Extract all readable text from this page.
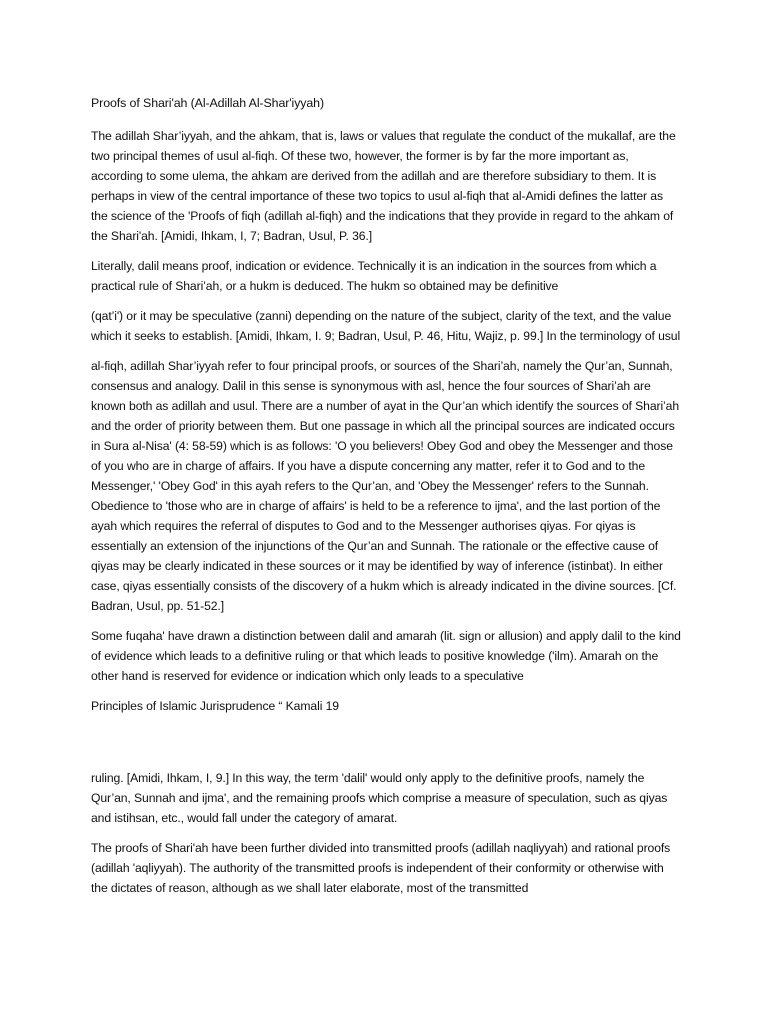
Proofs of Shari'ah (Al-Adillah Al-Shar'iyyah)

The adillah Shar’iyyah, and the ahkam, that is, laws or values that regulate the conduct of the mukallaf, are the two principal themes of usul al-fiqh. Of these two, however, the former is by far the more important as, according to some ulema, the ahkam are derived from the adillah and are therefore subsidiary to them. It is perhaps in view of the central importance of these two topics to usul al-fiqh that al-Amidi defines the latter as the science of the 'Proofs of fiqh (adillah al-fiqh) and the indications that they provide in regard to the ahkam of the Shari'ah. [Amidi, Ihkam, I, 7; Badran, Usul, P. 36.]

Literally, dalil means proof, indication or evidence. Technically it is an indication in the sources from which a practical rule of Shari’ah, or a hukm is deduced. The hukm so obtained may be definitive

(qat’i') or it may be speculative (zanni) depending on the nature of the subject, clarity of the text, and the value which it seeks to establish. [Amidi, Ihkam, I. 9; Badran, Usul, P. 46, Hitu, Wajiz, p. 99.] In the terminology of usul

al-fiqh, adillah Shar’iyyah refer to four principal proofs, or sources of the Shari’ah, namely the Qur’an, Sunnah, consensus and analogy. Dalil in this sense is synonymous with asl, hence the four sources of Shari’ah are known both as adillah and usul. There are a number of ayat in the Qur’an which identify the sources of Shari’ah and the order of priority between them. But one passage in which all the principal sources are indicated occurs in Sura al-Nisa' (4: 58-59) which is as follows: 'O you believers! Obey God and obey the Messenger and those of you who are in charge of affairs. If you have a dispute concerning any matter, refer it to God and to the Messenger,' 'Obey God' in this ayah refers to the Qur’an, and 'Obey the Messenger' refers to the Sunnah. Obedience to 'those who are in charge of affairs' is held to be a reference to ijma', and the last portion of the ayah which requires the referral of disputes to God and to the Messenger authorises qiyas. For qiyas is essentially an extension of the injunctions of the Qur’an and Sunnah. The rationale or the effective cause of qiyas may be clearly indicated in these sources or it may be identified by way of inference (istinbat). In either case, qiyas essentially consists of the discovery of a hukm which is already indicated in the divine sources. [Cf. Badran, Usul, pp. 51-52.]

Some fuqaha' have drawn a distinction between dalil and amarah (lit. sign or allusion) and apply dalil to the kind of evidence which leads to a definitive ruling or that which leads to positive knowledge ('ilm). Amarah on the other hand is reserved for evidence or indication which only leads to a speculative

Principles of Islamic Jurisprudence “ Kamali 19

ruling. [Amidi, Ihkam, I, 9.] In this way, the term 'dalil' would only apply to the definitive proofs, namely the Qur’an, Sunnah and ijma', and the remaining proofs which comprise a measure of speculation, such as qiyas and istihsan, etc., would fall under the category of amarat.

The proofs of Shari'ah have been further divided into transmitted proofs (adillah naqliyyah) and rational proofs (adillah 'aqliyyah). The authority of the transmitted proofs is independent of their conformity or otherwise with the dictates of reason, although as we shall later elaborate, most of the transmitted
